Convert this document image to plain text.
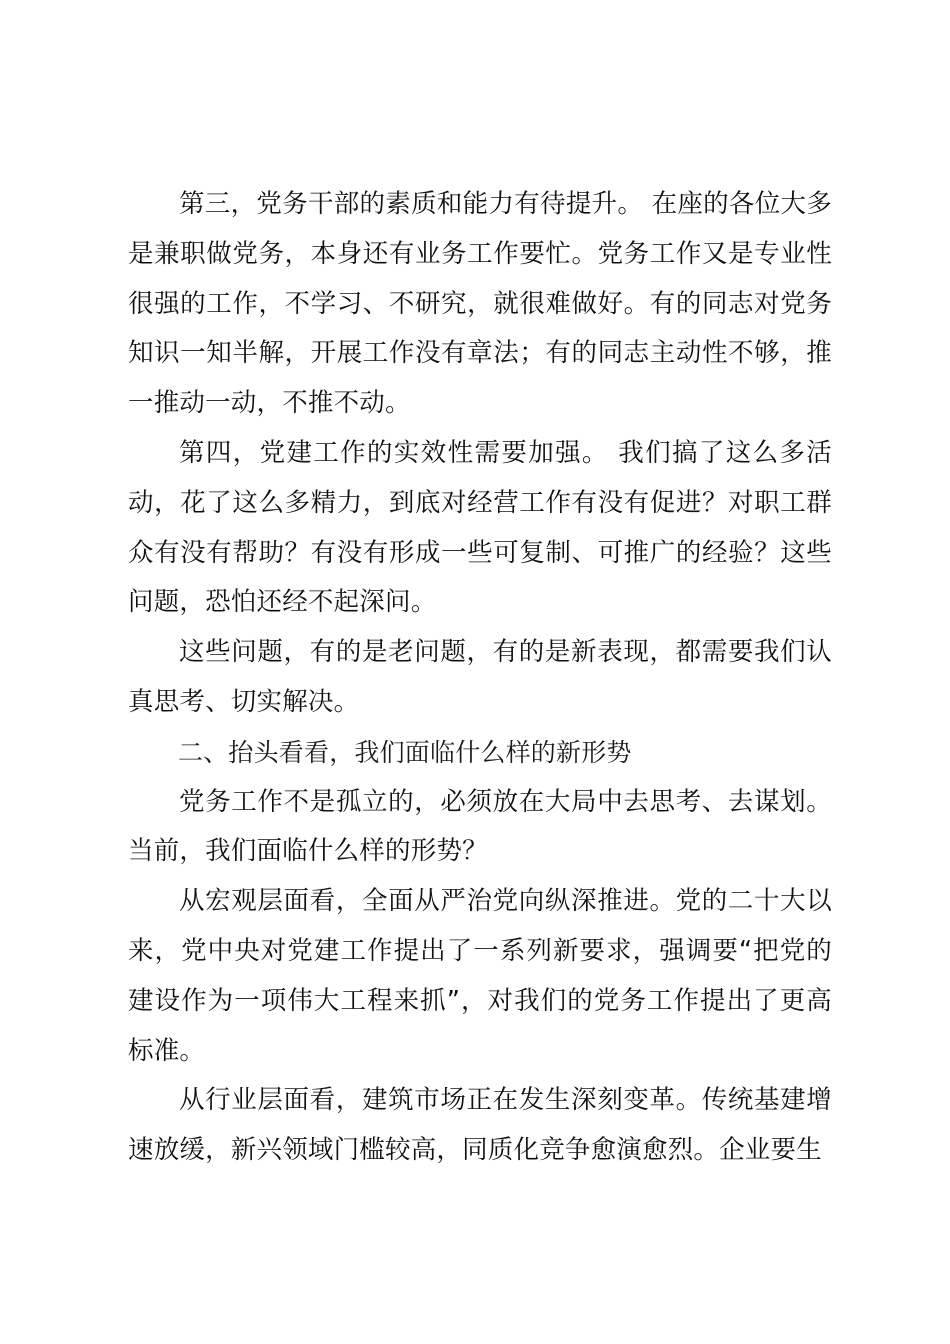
第三，党务干部的素质和能力有待提升。 在座的各位大多是兼职做党务，本身还有业务工作要忙。党务工作又是专业性很强的工作，不学习、不研究，就很难做好。有的同志对党务知识一知半解，开展工作没有章法；有的同志主动性不够，推一推动一动，不推不动。

第四，党建工作的实效性需要加强。 我们搞了这么多活动，花了这么多精力，到底对经营工作有没有促进？对职工群众有没有帮助？有没有形成一些可复制、可推广的经验？这些问题，恐怕还经不起深问。

这些问题，有的是老问题，有的是新表现，都需要我们认真思考、切实解决。

二、抬头看看，我们面临什么样的新形势

党务工作不是孤立的，必须放在大局中去思考、去谋划。当前，我们面临什么样的形势？

从宏观层面看，全面从严治党向纵深推进。党的二十大以来，党中央对党建工作提出了一系列新要求，强调要“把党的建设作为一项伟大工程来抓”，对我们的党务工作提出了更高标准。

从行业层面看，建筑市场正在发生深刻变革。传统基建增速放缓，新兴领域门槛较高，同质化竞争愈演愈烈。企业要生
